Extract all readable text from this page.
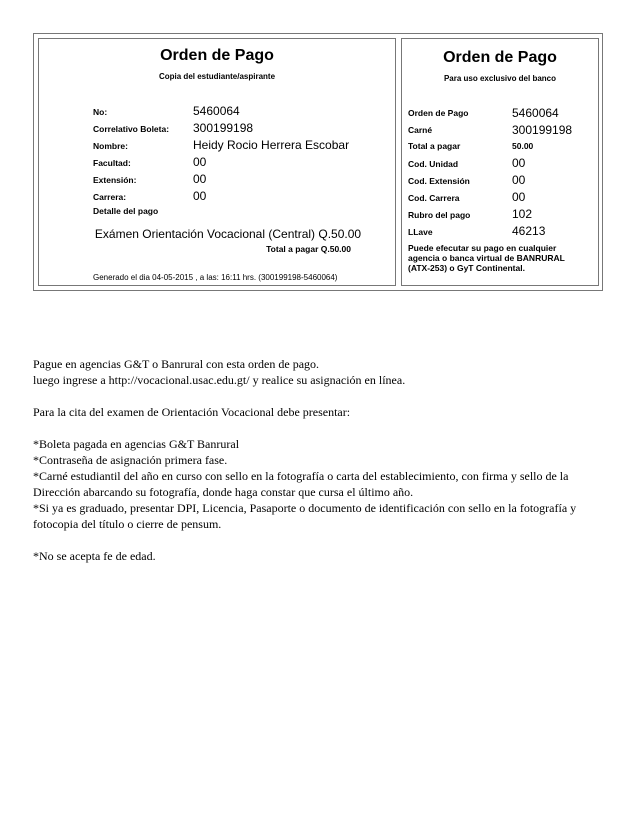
Orden de Pago
Copia del estudiante/aspirante
No:	5460064
Correlativo Boleta: 300199198
Nombre:	Heidy Rocio Herrera Escobar
Facultad:	00
Extensión:	00
Carrera:	00
Detalle del pago
Exámen Orientación Vocacional (Central) Q.50.00
Total a pagar Q.50.00
Generado el dia 04-05-2015 , a las: 16:11 hrs. (300199198-5460064)
Orden de Pago
Para uso exclusivo del banco
Orden de Pago	5460064
Carné	300199198
Total a pagar	50.00
Cod. Unidad	00
Cod. Extensión	00
Cod. Carrera	00
Rubro del pago	102
LLave	46213
Puede efecutar su pago en cualquier agencia o banca virtual de BANRURAL (ATX-253) o GyT Continental.

Pague en agencias G&T o Banrural con esta orden de pago.

luego ingrese a http://vocacional.usac.edu.gt/ y realice su asignación en línea.

Para la cita del examen de Orientación Vocacional debe presentar:

*Boleta pagada en agencias G&T Banrural

*Contraseña de asignación primera fase.

*Carné estudiantil del año en curso con sello en la fotografía o carta del establecimiento, con firma y sello de la Dirección abarcando su fotografía, donde haga constar que cursa el último año.

*Si ya es graduado, presentar DPI, Licencia, Pasaporte o documento de identificación con sello en la fotografía y fotocopia del título o cierre de pensum.

*No se acepta fe de edad.
